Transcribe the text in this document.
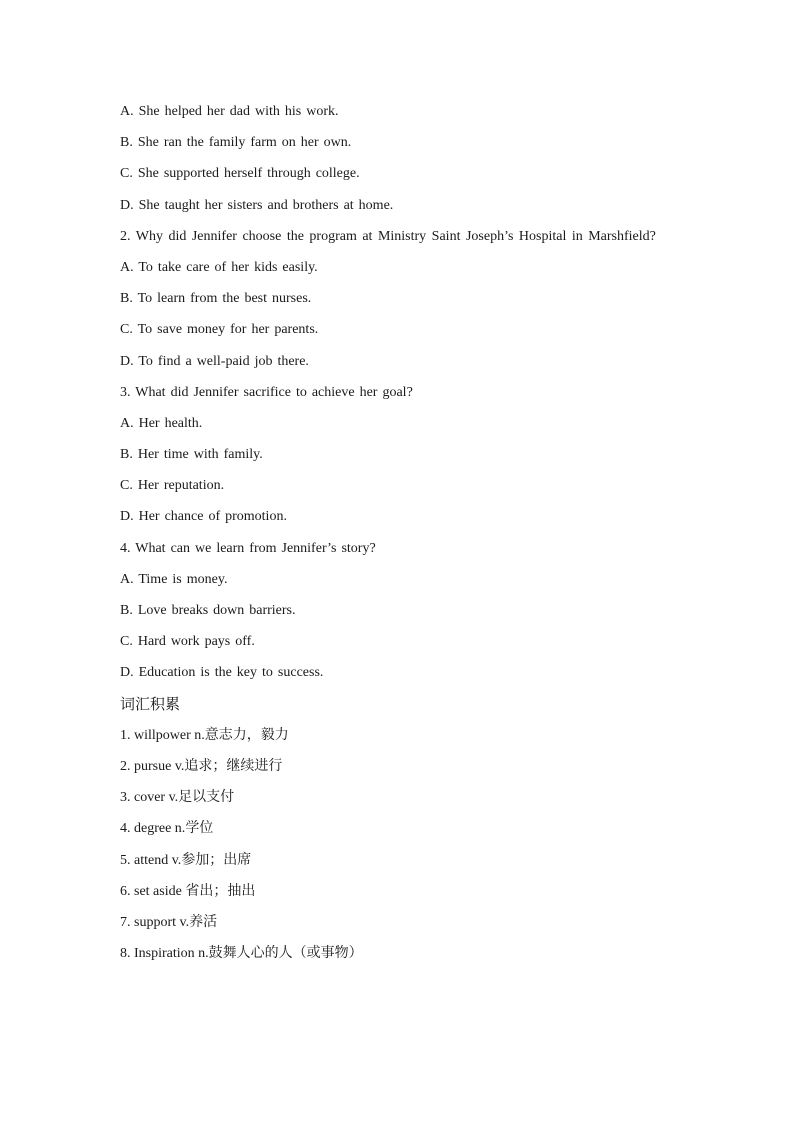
A. She helped her dad with his work.
B. She ran the family farm on her own.
C. She supported herself through college.
D. She taught her sisters and brothers at home.
2. Why did Jennifer choose the program at Ministry Saint Joseph’s Hospital in Marshfield?
A. To take care of her kids easily.
B. To learn from the best nurses.
C. To save money for her parents.
D. To find a well-paid job there.
3. What did Jennifer sacrifice to achieve her goal?
A. Her health.
B. Her time with family.
C. Her reputation.
D. Her chance of promotion.
4. What can we learn from Jennifer’s story?
A. Time is money.
B. Love breaks down barriers.
C. Hard work pays off.
D. Education is the key to success.
词汇积累
1. willpower n.意志力，毅力
2. pursue v.追求；继续进行
3. cover v.足以支付
4. degree n.学位
5. attend v.参加；出席
6. set aside 省出；抽出
7. support v.养活
8. Inspiration n.鼓舞人心的人（或事物）
